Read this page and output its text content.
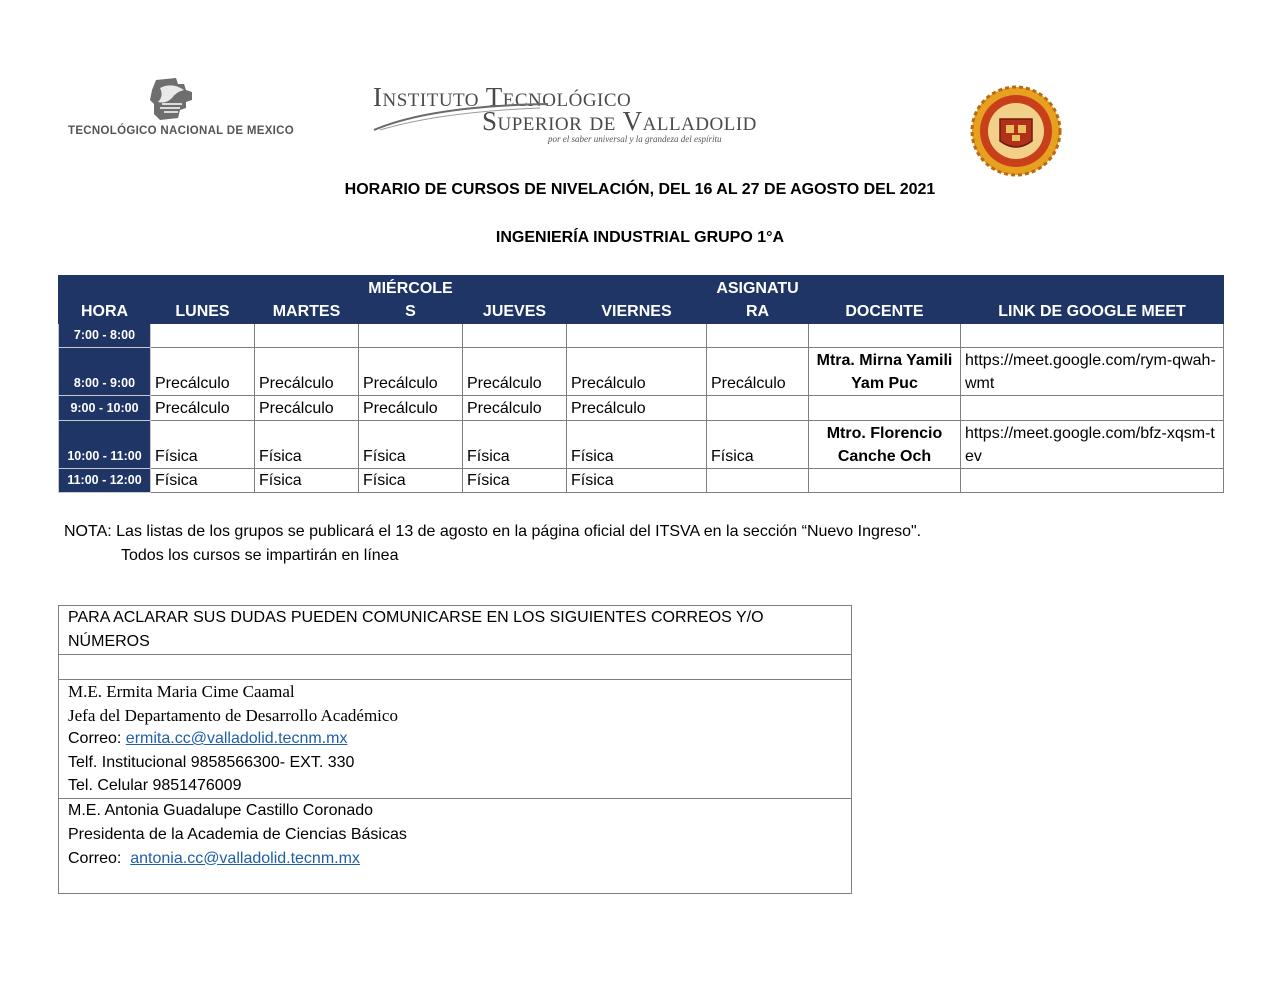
TECNOLÓGICO NACIONAL DE MEXICO
Instituto Tecnológico
Superior de Valladolid
por el saber universal y la grandeza del espíritu
HORARIO DE CURSOS DE NIVELACIÓN, DEL 16 AL 27 DE AGOSTO DEL 2021
INGENIERÍA INDUSTRIAL GRUPO 1°A
HORA	LUNES	MARTES	MIÉRCOLES	JUEVES	VIERNES	ASIGNATURA	DOCENTE	LINK DE GOOGLE MEET
7:00 - 8:00								
8:00 - 9:00	Precálculo	Precálculo	Precálculo	Precálculo	Precálculo	Precálculo	Mtra. Mirna Yamili Yam Puc	https://meet.google.com/rym-qwah-wmt
9:00 - 10:00	Precálculo	Precálculo	Precálculo	Precálculo	Precálculo			
10:00 - 11:00	Física	Física	Física	Física	Física	Física	Mtro. Florencio Canche Och	https://meet.google.com/bfz-xqsm-tev
11:00 - 12:00	Física	Física	Física	Física	Física			
NOTA: Las listas de los grupos se publicará el 13 de agosto en la página oficial del ITSVA en la sección “Nuevo Ingreso".
Todos los cursos se impartirán en línea
PARA ACLARAR SUS DUDAS PUEDEN COMUNICARSE EN LOS SIGUIENTES CORREOS Y/O NÚMEROS

M.E. Ermita Maria Cime Caamal
Jefa del Departamento de Desarrollo Académico
Correo: ermita.cc@valladolid.tecnm.mx
Telf. Institucional 9858566300- EXT. 330
Tel. Celular 9851476009

M.E. Antonia Guadalupe Castillo Coronado
Presidenta de la Academia de Ciencias Básicas
Correo:  antonia.cc@valladolid.tecnm.mx
